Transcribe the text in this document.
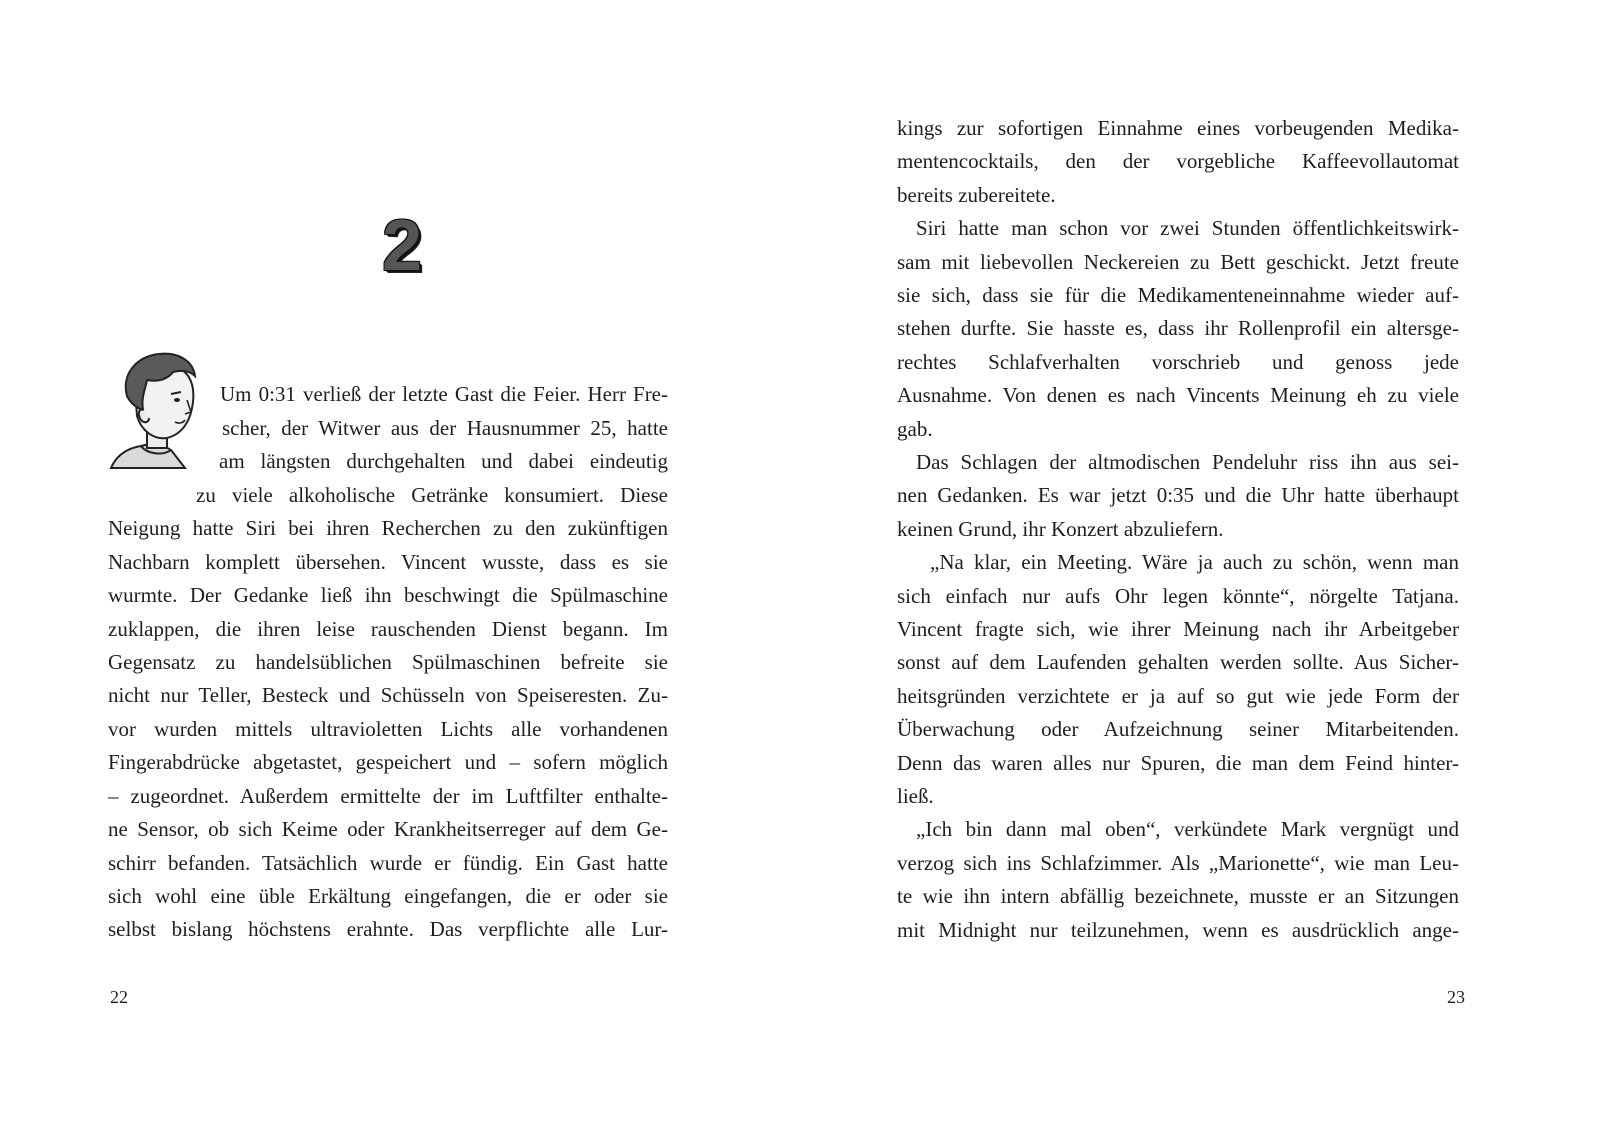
2
Um 0:31 verließ der letzte Gast die Feier. Herr Fre-
scher, der Witwer aus der Hausnummer 25, hatte
am längsten durchgehalten und dabei eindeutig
zu viele alkoholische Getränke konsumiert. Diese
Neigung hatte Siri bei ihren Recherchen zu den zukünftigen
Nachbarn komplett übersehen. Vincent wusste, dass es sie
wurmte. Der Gedanke ließ ihn beschwingt die Spülmaschine
zuklappen, die ihren leise rauschenden Dienst begann. Im
Gegensatz zu handelsüblichen Spülmaschinen befreite sie
nicht nur Teller, Besteck und Schüsseln von Speiseresten. Zu-
vor wurden mittels ultravioletten Lichts alle vorhandenen
Fingerabdrücke abgetastet, gespeichert und – sofern möglich
– zugeordnet. Außerdem ermittelte der im Luftfilter enthalte-
ne Sensor, ob sich Keime oder Krankheitserreger auf dem Ge-
schirr befanden. Tatsächlich wurde er fündig. Ein Gast hatte
sich wohl eine üble Erkältung eingefangen, die er oder sie
selbst bislang höchstens erahnte. Das verpflichte alle Lur-
22
kings zur sofortigen Einnahme eines vorbeugenden Medika-
mentencocktails, den der vorgebliche Kaffeevollautomat
bereits zubereitete.
Siri hatte man schon vor zwei Stunden öffentlichkeitswirk-
sam mit liebevollen Neckereien zu Bett geschickt. Jetzt freute
sie sich, dass sie für die Medikamenteneinnahme wieder auf-
stehen durfte. Sie hasste es, dass ihr Rollenprofil ein altersge-
rechtes Schlafverhalten vorschrieb und genoss jede
Ausnahme. Von denen es nach Vincents Meinung eh zu viele
gab.
Das Schlagen der altmodischen Pendeluhr riss ihn aus sei-
nen Gedanken. Es war jetzt 0:35 und die Uhr hatte überhaupt
keinen Grund, ihr Konzert abzuliefern.
„Na klar, ein Meeting. Wäre ja auch zu schön, wenn man
sich einfach nur aufs Ohr legen könnte“, nörgelte Tatjana.
Vincent fragte sich, wie ihrer Meinung nach ihr Arbeitgeber
sonst auf dem Laufenden gehalten werden sollte. Aus Sicher-
heitsgründen verzichtete er ja auf so gut wie jede Form der
Überwachung oder Aufzeichnung seiner Mitarbeitenden.
Denn das waren alles nur Spuren, die man dem Feind hinter-
ließ.
„Ich bin dann mal oben“, verkündete Mark vergnügt und
verzog sich ins Schlafzimmer. Als „Marionette“, wie man Leu-
te wie ihn intern abfällig bezeichnete, musste er an Sitzungen
mit Midnight nur teilzunehmen, wenn es ausdrücklich ange-
23
